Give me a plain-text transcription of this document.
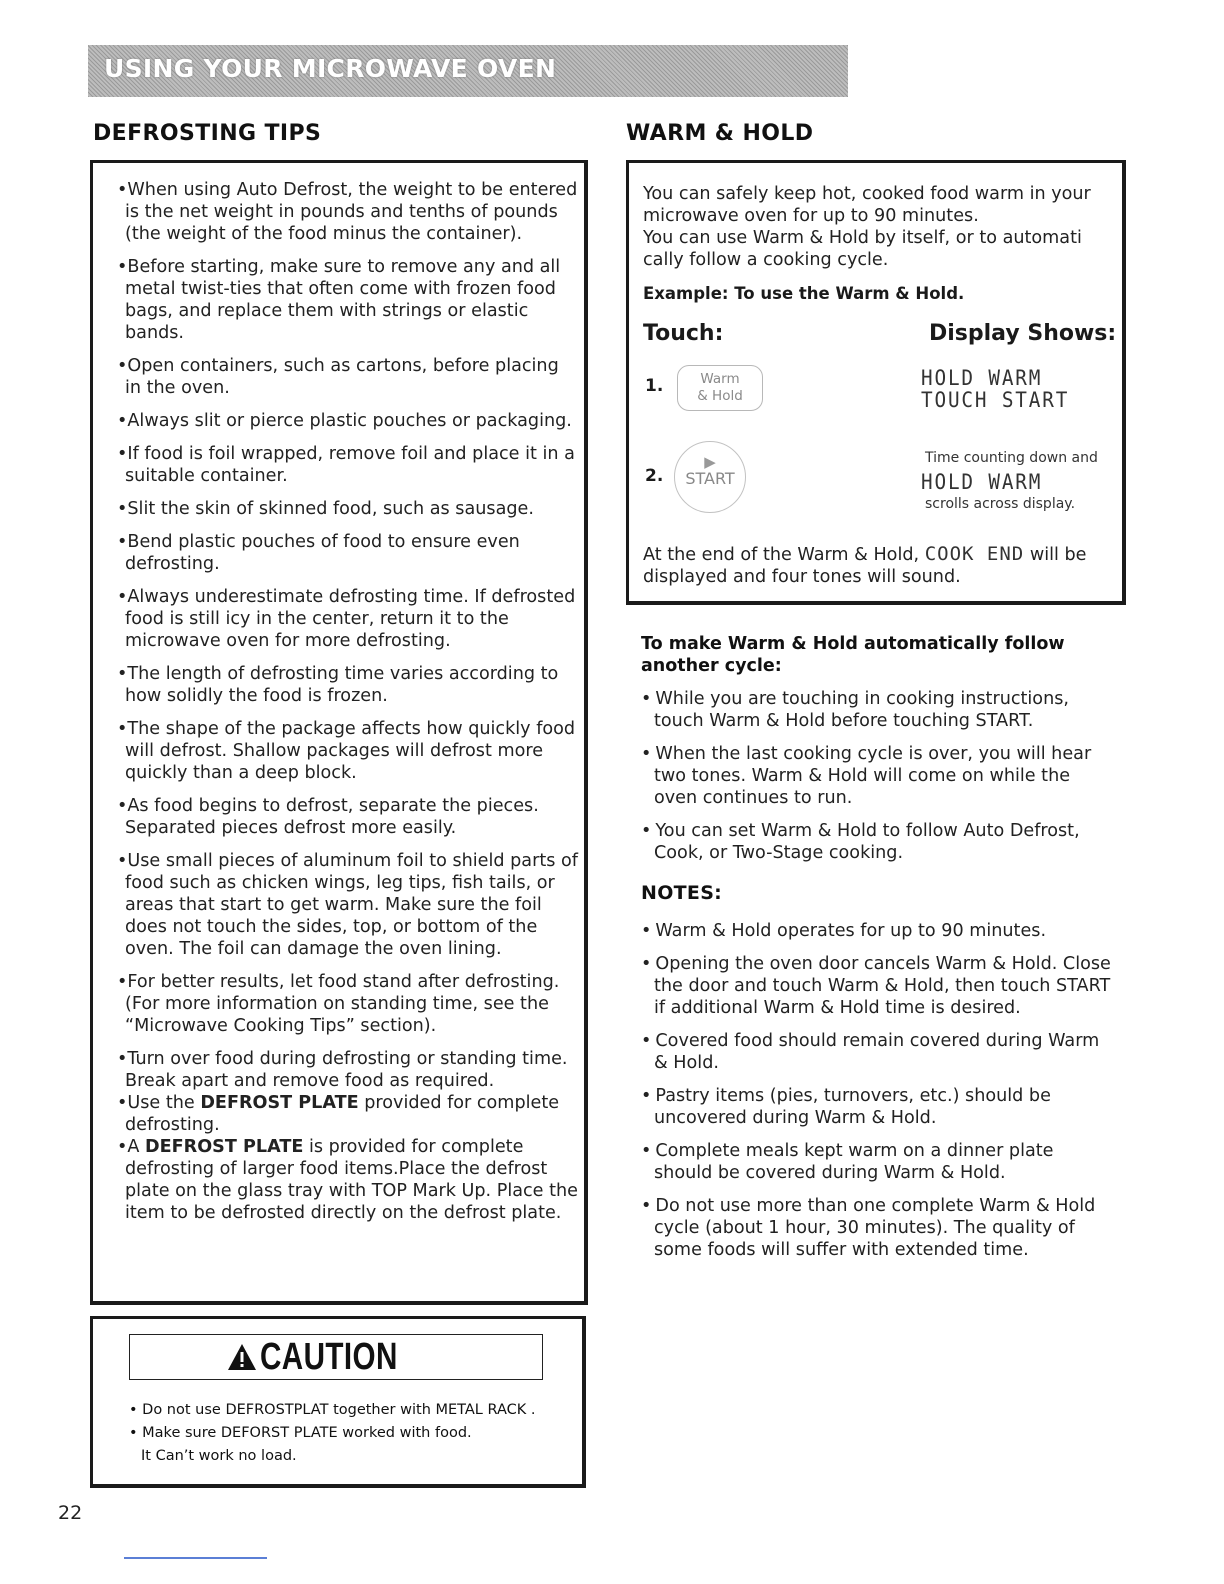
USING YOUR MICROWAVE OVEN
DEFROSTING TIPS
• When using Auto Defrost, the weight to be entered is the net weight in pounds and tenths of pounds (the weight of the food minus the container).
• Before starting, make sure to remove any and all metal twist-ties that often come with frozen food bags, and replace them with strings or elastic bands.
• Open containers, such as cartons, before placing in the oven.
• Always slit or pierce plastic pouches or packaging.
• If food is foil wrapped, remove foil and place it in a suitable container.
• Slit the skin of skinned food, such as sausage.
• Bend plastic pouches of food to ensure even defrosting.
• Always underestimate defrosting time. If defrosted food is still icy in the center, return it to the microwave oven for more defrosting.
• The length of defrosting time varies according to how solidly the food is frozen.
• The shape of the package affects how quickly food will defrost. Shallow packages will defrost more quickly than a deep block.
• As food begins to defrost, separate the pieces. Separated pieces defrost more easily.
• Use small pieces of aluminum foil to shield parts of food such as chicken wings, leg tips, fish tails, or areas that start to get warm. Make sure the foil does not touch the sides, top, or bottom of the oven. The foil can damage the oven lining.
• For better results, let food stand after defrosting. (For more information on standing time, see the “Microwave Cooking Tips” section).
• Turn over food during defrosting or standing time. Break apart and remove food as required.
• Use the DEFROST PLATE provided for complete defrosting.
• A DEFROST PLATE is provided for complete defrosting of larger food items.Place the defrost plate on the glass tray with TOP Mark Up. Place the item to be defrosted directly on the defrost plate.
CAUTION
• Do not use DEFROSTPLAT together with METAL RACK .
• Make sure DEFORST PLATE worked with food.
It Can’t work no load.
WARM & HOLD
You can safely keep hot, cooked food warm in your microwave oven for up to 90 minutes.
You can use Warm & Hold by itself, or to automati cally follow a cooking cycle.
Example: To use the Warm & Hold.
Touch:	Display Shows:
1.	Warm
& Hold
HOLD WARM
TOUCH START
2.
▶
START
Time counting down and
HOLD WARM
scrolls across display.
At the end of the Warm & Hold, COOK END will be displayed and four tones will sound.
To make Warm & Hold automatically follow another cycle:
• While you are touching in cooking instructions, touch Warm & Hold before touching START.
• When the last cooking cycle is over, you will hear two tones. Warm & Hold will come on while the oven continues to run.
• You can set Warm & Hold to follow Auto Defrost, Cook, or Two-Stage cooking.
NOTES:
• Warm & Hold operates for up to 90 minutes.
• Opening the oven door cancels Warm & Hold. Close the door and touch Warm & Hold, then touch START if additional Warm & Hold time is desired.
• Covered food should remain covered during Warm & Hold.
• Pastry items (pies, turnovers, etc.) should be uncovered during Warm & Hold.
• Complete meals kept warm on a dinner plate should be covered during Warm & Hold.
• Do not use more than one complete Warm & Hold cycle (about 1 hour, 30 minutes). The quality of some foods will suffer with extended time.
22
